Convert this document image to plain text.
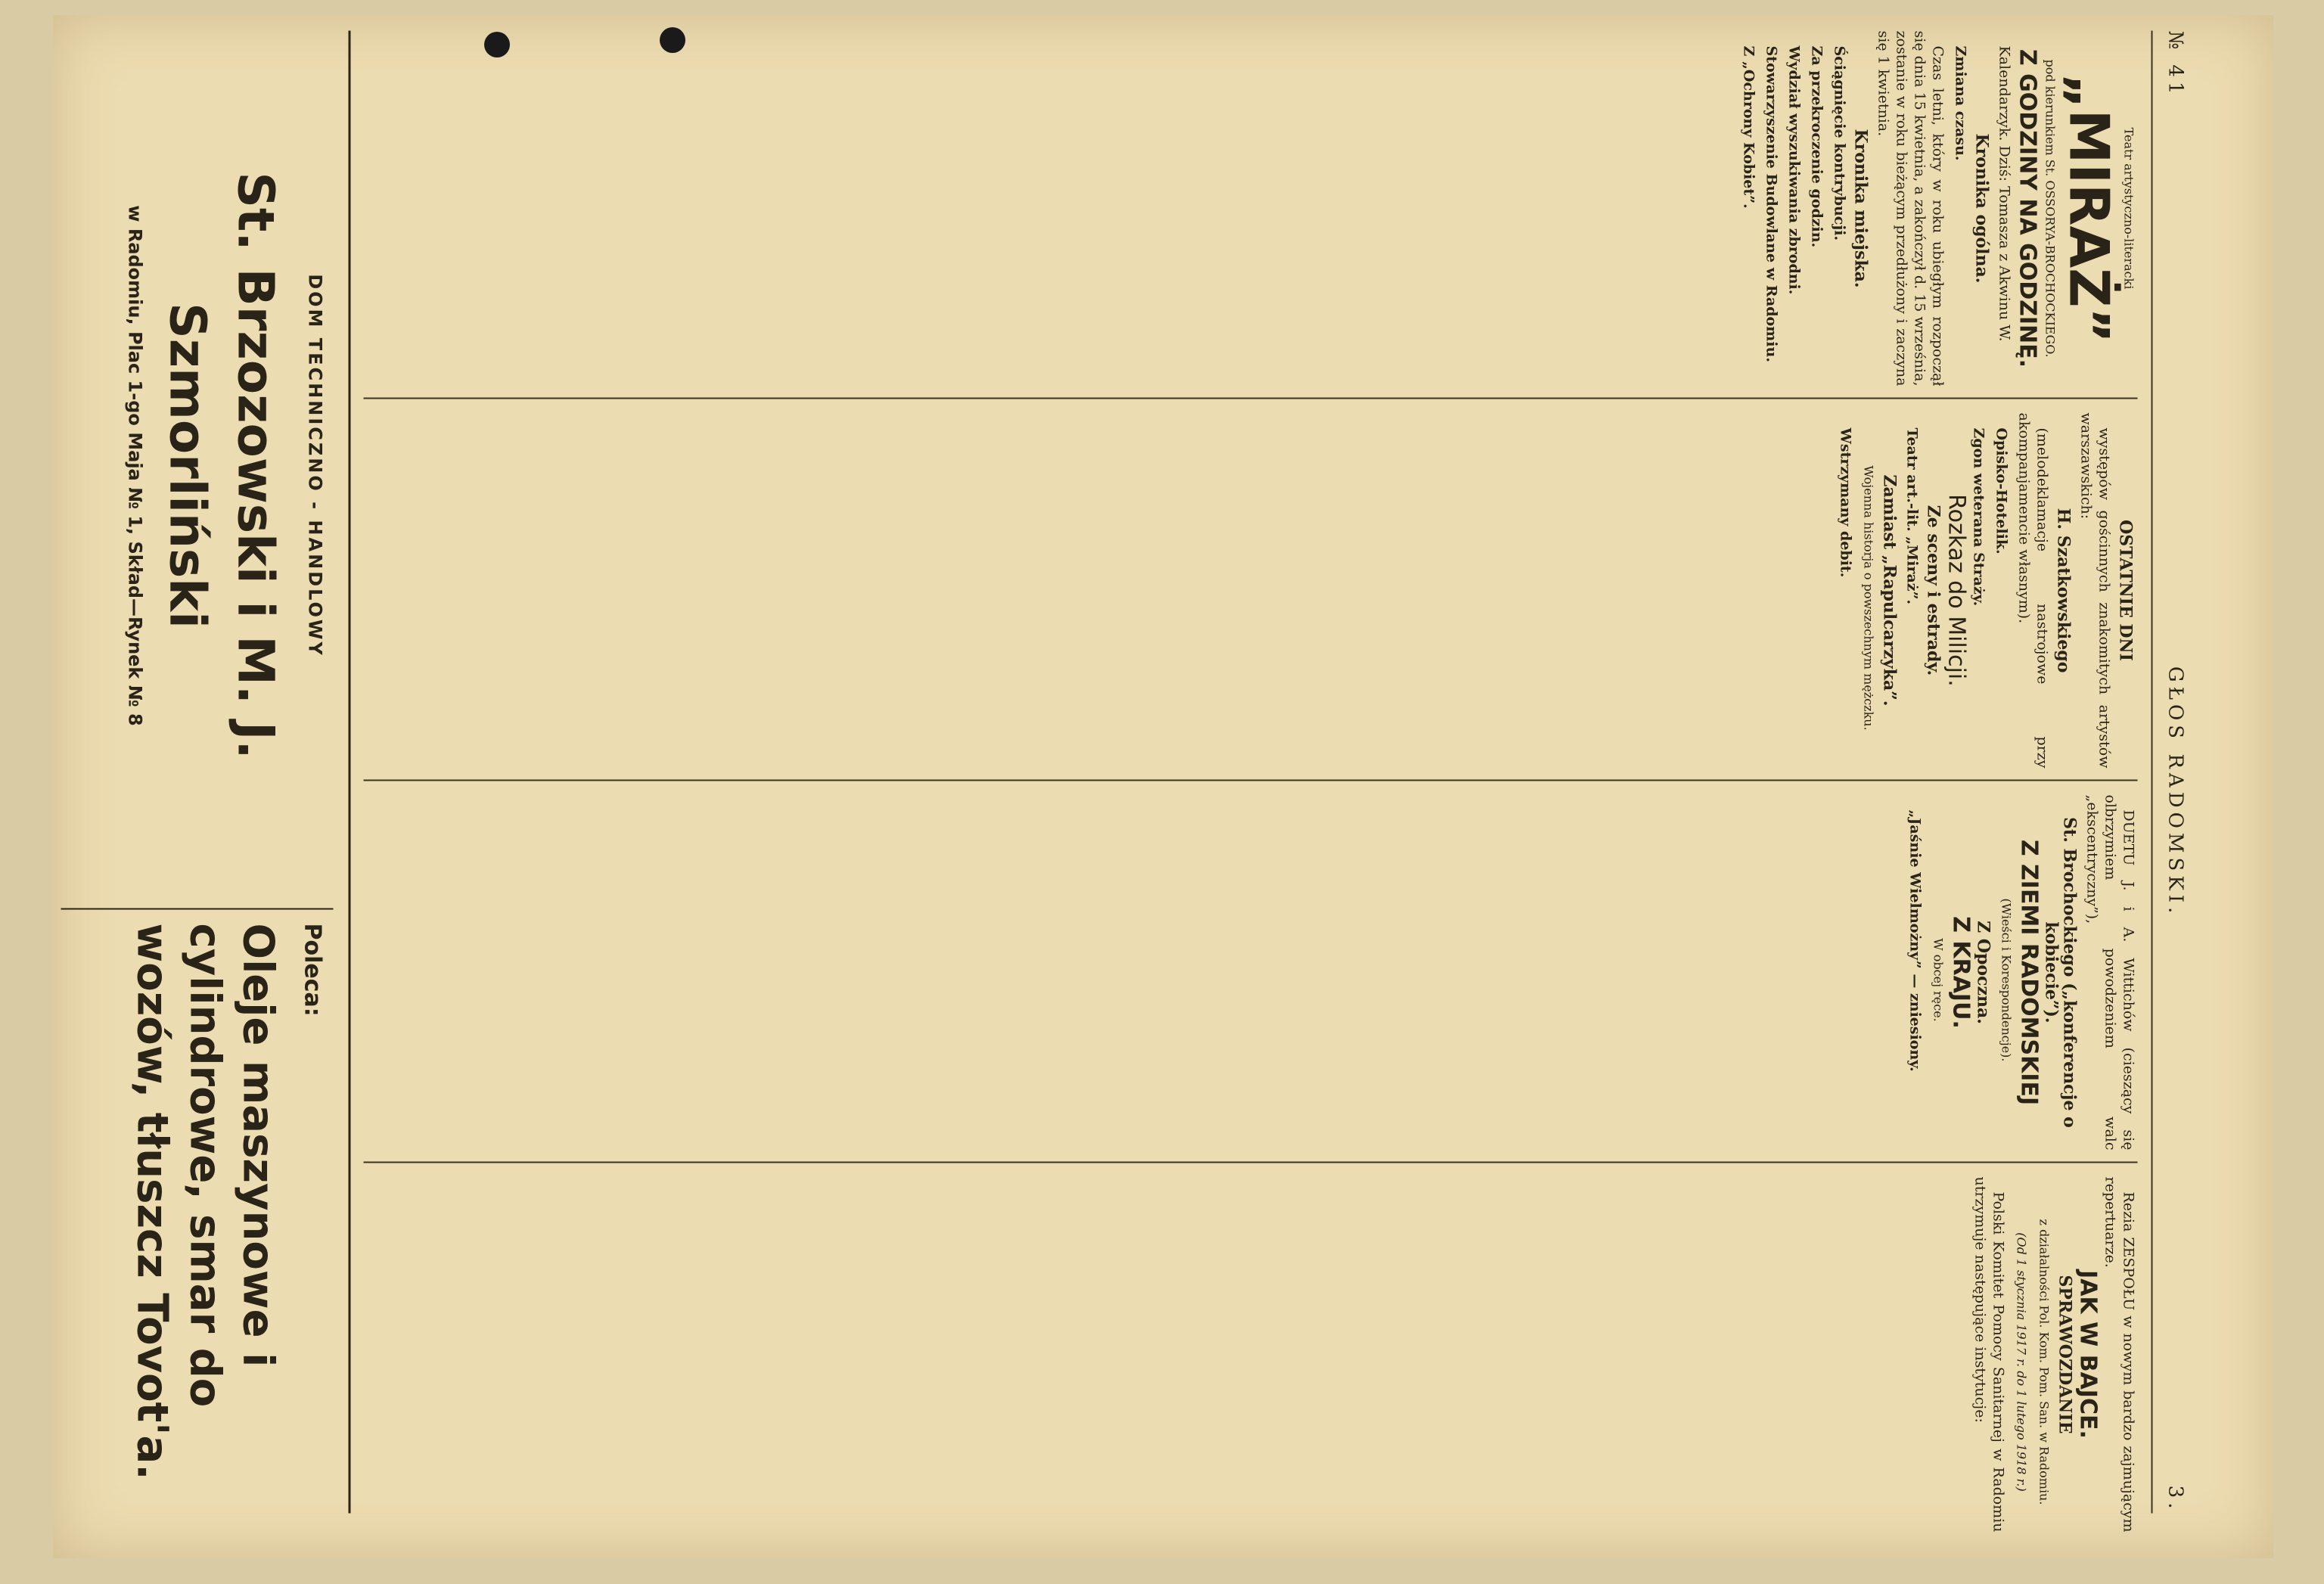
№ 41
GŁOS RADOMSKI.
3.
Teatr artystyczno-literacki
„MIRAŻ”
pod kierunkiem St. OSSORYA-BROCHOCKIEGO.
Z GODZINY NA GODZINĘ.

Kalendarzyk. Dziś: Tomasza z Akwinu W.

Kronika ogólna.

Zmiana czasu.

Czas letni, który w roku ubiegłym rozpoczął się dnia 15 kwietnia, a zakończył d. 15 września, zostanie w roku bieżącym przedłużony i zaczyna się 1 kwietnia.

Kronika miejska.

Ściągnięcie kontrybucji.

Za przekroczenie godzin.

Wydział wyszukiwania zbrodni.

Stowarzyszenie Budowlane w Radomiu.

Z „Ochrony Kobiet”.

OSTATNIE DNI

występów gościnnych znakomitych artystów warszawskich:

H. Szatkowskiego

(melodeklamacje nastrojowe przy akompanjamencie własnym).

Opisko-Hotelik.

Zgon weterana Straży.

Rozkaz do Milicji.
Ze sceny i estrady.

Teatr art.-lit. „Miraż”.

Zamiast „Rapulcarzyka”.

Wojenna historja o powszechnym mężczku.

Wstrzymany debit.

DUETU J. i A. Wittichów (cieszący się olbrzymiem powodzeniem walc „ekscentryczny”),

St. Brochockiego („konferencje o kobiecie”).
Z ZIEMI RADOMSKIEJ

(Wieści i Korespondencje).

Z Opoczna.
Z KRAJU.

W obcej ręce.

„Jaśnie Wielmożny” — zniesiony.

Rezia ZESPOŁU w nowym bardzo zajmującym repertuarze.

JAK W BAJCE.
SPRAWOZDANIE

z działalności Pol. Kom. Pom. San. w Radomiu.

(Od 1 stycznia 1917 r. do 1 lutego 1918 r.)

Polski Komitet Pomocy Sanitarnej w Radomiu utrzymuje następujące instytucje:

DOM TECHNICZNO - HANDLOWY
St. Brzozowski i M. J. Szmorliński
w Radomiu, Plac 1-go Maja № 1, Skład—Rynek № 8
Poleca:
Oleje maszynowe i cylindrowe, smar do wozów, tłuszcz Tovot'a.
